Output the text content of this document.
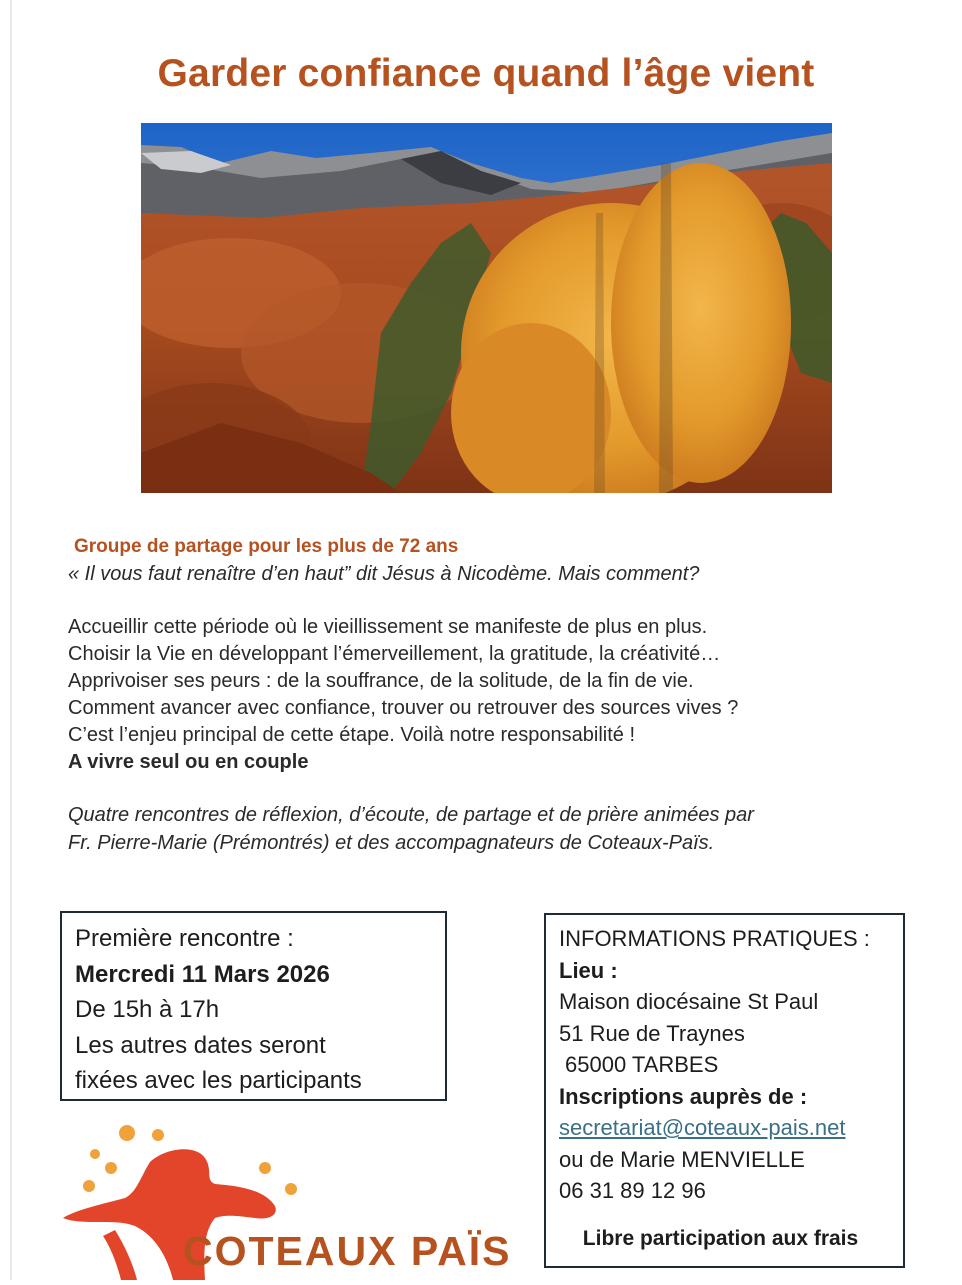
Garder confiance quand l’âge vient
Groupe de partage pour les plus de 72 ans
« Il vous faut renaître d’en haut” dit Jésus à Nicodème. Mais comment?
Accueillir cette période où le vieillissement se manifeste de plus en plus.
Choisir la Vie en développant l’émerveillement, la gratitude, la créativité…
Apprivoiser ses peurs : de la souffrance, de la solitude, de la fin de vie.
Comment avancer avec confiance, trouver ou retrouver des sources vives ?
C’est l’enjeu principal de cette étape. Voilà notre responsabilité !
A vivre seul ou en couple
Quatre rencontres de réflexion, d’écoute, de partage et de prière animées par
Fr. Pierre-Marie (Prémontrés) et des accompagnateurs de Coteaux-Païs.
Première rencontre :
Mercredi 11 Mars 2026
De 15h à 17h
Les autres dates seront
fixées avec les participants
INFORMATIONS PRATIQUES :
Lieu :
Maison diocésaine St Paul
51 Rue de Traynes
65000 TARBES
Inscriptions auprès de :
secretariat@coteaux-pais.net
ou de Marie MENVIELLE
06 31 89 12 96
Libre participation aux frais
COTEAUX PAÏS
